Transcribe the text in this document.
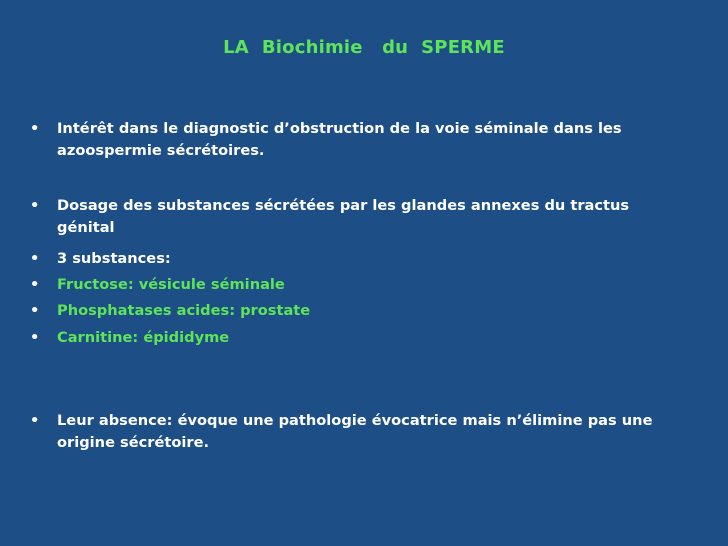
LA  Biochimie   du  SPERME
• Intérêt dans le diagnostic d’obstruction de la voie séminale dans les azoospermie sécrétoires.
• Dosage des substances sécrétées par les glandes annexes du tractus génital
• 3 substances:
• Fructose: vésicule séminale
• Phosphatases acides: prostate
• Carnitine: épididyme
• Leur absence: évoque une pathologie évocatrice mais n’élimine pas une origine sécrétoire.
